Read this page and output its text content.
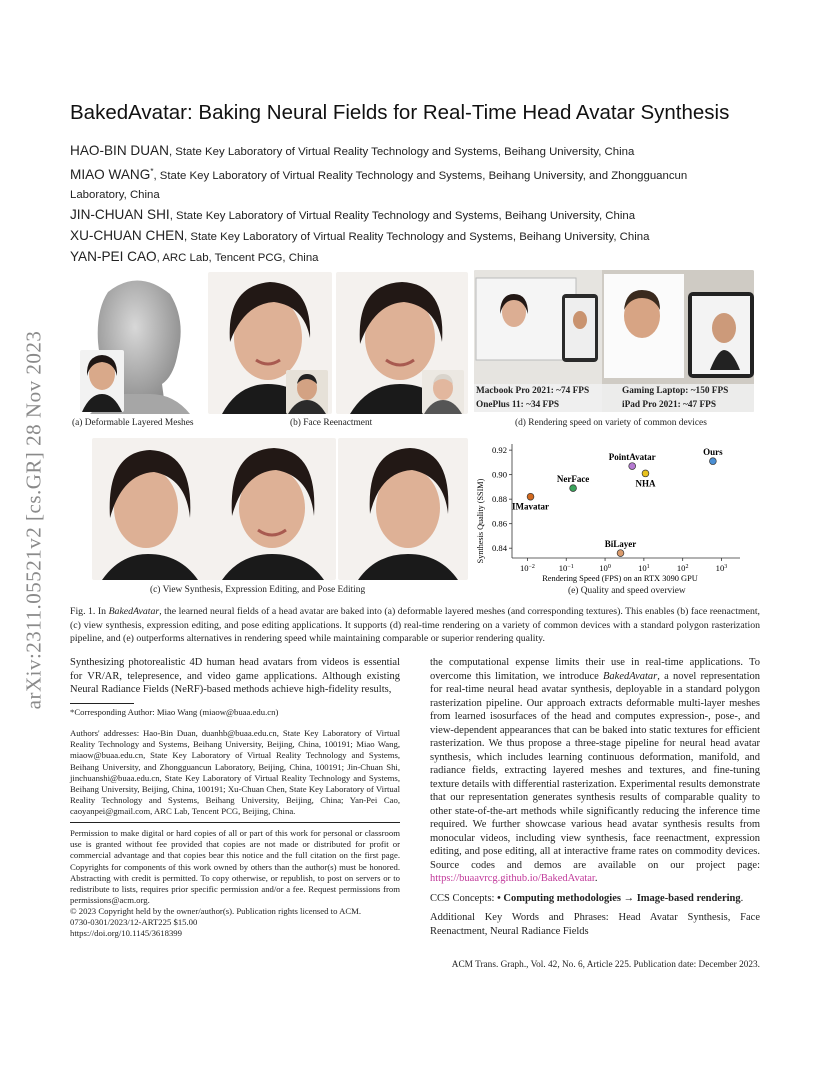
arXiv:2311.05521v2 [cs.GR] 28 Nov 2023
BakedAvatar: Baking Neural Fields for Real-Time Head Avatar Synthesis
HAO-BIN DUAN, State Key Laboratory of Virtual Reality Technology and Systems, Beihang University, China
MIAO WANG*, State Key Laboratory of Virtual Reality Technology and Systems, Beihang University, and Zhongguancun
Laboratory, China
JIN-CHUAN SHI, State Key Laboratory of Virtual Reality Technology and Systems, Beihang University, China
XU-CHUAN CHEN, State Key Laboratory of Virtual Reality Technology and Systems, Beihang University, China
YAN-PEI CAO, ARC Lab, Tencent PCG, China
(a) Deformable Layered Meshes	(b) Face Reenactment
Macbook Pro 2021: ~74 FPS
OnePlus 11: ~34 FPS
Gaming Laptop: ~150 FPS
iPad Pro 2021: ~47 FPS
(d) Rendering speed on variety of common devices
(c) View Synthesis, Expression Editing, and Pose Editing
Synthesis Quality (SSIM) 0.84
0.86
0.88
0.90
0.92
$10^{-2}$	$10^{-1}$	$10^0$	$10^1$	$10^2$	$10^3$
IMavatar
NerFace
PointAvatar
NHA
Ours
BiLayer
Rendering Speed (FPS) on an RTX 3090 GPU
(e) Quality and speed overview
Fig. 1. In BakedAvatar, the learned neural fields of a head avatar are baked into (a) deformable layered meshes (and corresponding textures). This enables (b) face reenactment, (c) view synthesis, expression editing, and pose editing applications. It supports (d) real-time rendering on a variety of common devices with a standard polygon rasterization pipeline, and (e) outperforms alternatives in rendering speed while maintaining comparable or superior rendering quality.
Synthesizing photorealistic 4D human head avatars from videos is essential for VR/AR, telepresence, and video game applications. Although existing Neural Radiance Fields (NeRF)-based methods achieve high-fidelity results,
*Corresponding Author: Miao Wang (miaow@buaa.edu.cn)
Authors' addresses: Hao-Bin Duan, duanhb@buaa.edu.cn, State Key Laboratory of Virtual Reality Technology and Systems, Beihang University, Beijing, China, 100191; Miao Wang, miaow@buaa.edu.cn, State Key Laboratory of Virtual Reality Technology and Systems, Beihang University, and Zhongguancun Laboratory, Beijing, China, 100191; Jin-Chuan Shi, jinchuanshi@buaa.edu.cn, State Key Laboratory of Virtual Reality Technology and Systems, Beihang University, Beijing, China, 100191; Xu-Chuan Chen, State Key Laboratory of Virtual Reality Technology and Systems, Beihang University, Beijing, China; Yan-Pei Cao, caoyanpei@gmail.com, ARC Lab, Tencent PCG, Beijing, China.
Permission to make digital or hard copies of all or part of this work for personal or classroom use is granted without fee provided that copies are not made or distributed for profit or commercial advantage and that copies bear this notice and the full citation on the first page. Copyrights for components of this work owned by others than the author(s) must be honored. Abstracting with credit is permitted. To copy otherwise, or republish, to post on servers or to redistribute to lists, requires prior specific permission and/or a fee. Request permissions from permissions@acm.org.
© 2023 Copyright held by the owner/author(s). Publication rights licensed to ACM.
0730-0301/2023/12-ART225 $15.00
https://doi.org/10.1145/3618399
the computational expense limits their use in real-time applications. To overcome this limitation, we introduce BakedAvatar, a novel representation for real-time neural head avatar synthesis, deployable in a standard polygon rasterization pipeline. Our approach extracts deformable multi-layer meshes from learned isosurfaces of the head and computes expression-, pose-, and view-dependent appearances that can be baked into static textures for efficient rasterization. We thus propose a three-stage pipeline for neural head avatar synthesis, which includes learning continuous deformation, manifold, and radiance fields, extracting layered meshes and textures, and fine-tuning texture details with differential rasterization. Experimental results demonstrate that our representation generates synthesis results of comparable quality to other state-of-the-art methods while significantly reducing the inference time required. We further showcase various head avatar synthesis results from monocular videos, including view synthesis, face reenactment, expression editing, and pose editing, all at interactive frame rates on commodity devices. Source codes and demos are available on our project page: https://buaavrcg.github.io/BakedAvatar.
CCS Concepts: • Computing methodologies → Image-based rendering.
Additional Key Words and Phrases: Head Avatar Synthesis, Face Reenactment, Neural Radiance Fields
ACM Trans. Graph., Vol. 42, No. 6, Article 225. Publication date: December 2023.
